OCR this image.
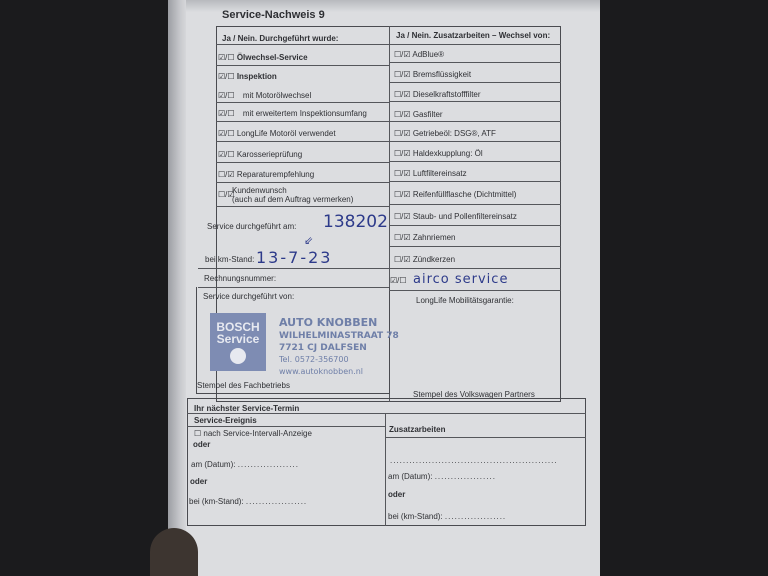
Service-Nachweis 9
Ja / Nein. Durchgeführt wurde:	Ja / Nein. Zusatzarbeiten – Wechsel von:
☑/☐ Ölwechsel-Service
☑/☐ Inspektion
☑/☐ mit Motorölwechsel
☑/☐ mit erweitertem Inspektionsumfang
☑/☐ LongLife Motoröl verwendet
☑/☐ Karosserieprüfung
☐/☑ Reparaturempfehlung
☐/☑
Kundenwunsch
(auch auf dem Auftrag vermerken)
Service durchgeführt am: 138202
⇙
bei km-Stand: 13-7-23
Rechnungsnummer:
Service durchgeführt von:
Stempel des Fachbetriebs
BOSCH
Service
AUTO KNOBBEN
WILHELMINASTRAAT 78
7721 CJ DALFSEN
Tel. 0572-356700
www.autoknobben.nl
☐/☑ AdBlue®
☐/☑ Bremsflüssigkeit
☐/☑ Dieselkraftstofffilter
☐/☑ Gasfilter
☐/☑ Getriebeöl: DSG®, ATF
☐/☑ Haldexkupplung: Öl
☐/☑ Luftfiltereinsatz
☐/☑ Reifenfüllflasche (Dichtmittel)
☐/☑ Staub- und Pollenfiltereinsatz
☐/☑ Zahnriemen
☐/☑ Zündkerzen
☑/☐ airco service
LongLife Mobilitätsgarantie:
Stempel des Volkswagen Partners
Ihr nächster Service-Termin
Service-Ereignis
Zusatzarbeiten
☐ nach Service-Intervall-Anzeige
oder
am (Datum): ...................
oder
bei (km-Stand): ...................
....................................................
am (Datum): ...................
oder
bei (km-Stand): ...................
